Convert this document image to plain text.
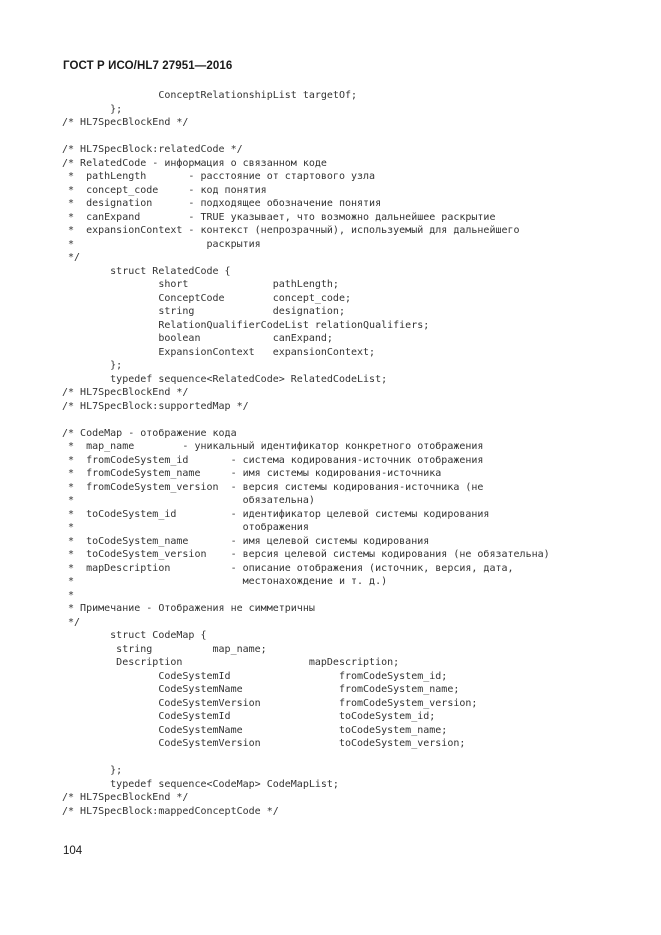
ГОСТ Р ИСО/HL7 27951—2016
ConceptRelationshipList targetOf;
};
/* HL7SpecBlockEnd */
/* HL7SpecBlock:relatedCode */
/* RelatedCode - информация о связанном коде
*  pathLength       - расстояние от стартового узла
*  concept_code     - код понятия
*  designation      - подходящее обозначение понятия
*  canExpand        - TRUE указывает, что возможно дальнейшее раскрытие
*  expansionContext - контекст (непрозрачный), используемый для дальнейшего
*                      раскрытия
*/
struct RelatedCode {
short              pathLength;
ConceptCode        concept_code;
string             designation;
RelationQualifierCodeList relationQualifiers;
boolean            canExpand;
ExpansionContext   expansionContext;
};
typedef sequence<RelatedCode> RelatedCodeList;
/* HL7SpecBlockEnd */
/* HL7SpecBlock:supportedMap */
/* CodeMap - отображение кода
*  map_name        - уникальный идентификатор конкретного отображения
*  fromCodeSystem_id       - система кодирования-источник отображения
*  fromCodeSystem_name     - имя системы кодирования-источника
*  fromCodeSystem_version  - версия системы кодирования-источника (не
*                            обязательна)
*  toCodeSystem_id         - идентификатор целевой системы кодирования
*                            отображения
*  toCodeSystem_name       - имя целевой системы кодирования
*  toCodeSystem_version    - версия целевой системы кодирования (не обязательна)
*  mapDescription          - описание отображения (источник, версия, дата,
*                            местонахождение и т. д.)
*
* Примечание - Отображения не симметричны
*/
struct CodeMap {
string          map_name;
Description                     mapDescription;
CodeSystemId                  fromCodeSystem_id;
CodeSystemName                fromCodeSystem_name;
CodeSystemVersion             fromCodeSystem_version;
CodeSystemId                  toCodeSystem_id;
CodeSystemName                toCodeSystem_name;
CodeSystemVersion             toCodeSystem_version;
};
typedef sequence<CodeMap> CodeMapList;
/* HL7SpecBlockEnd */
/* HL7SpecBlock:mappedConceptCode */
104
